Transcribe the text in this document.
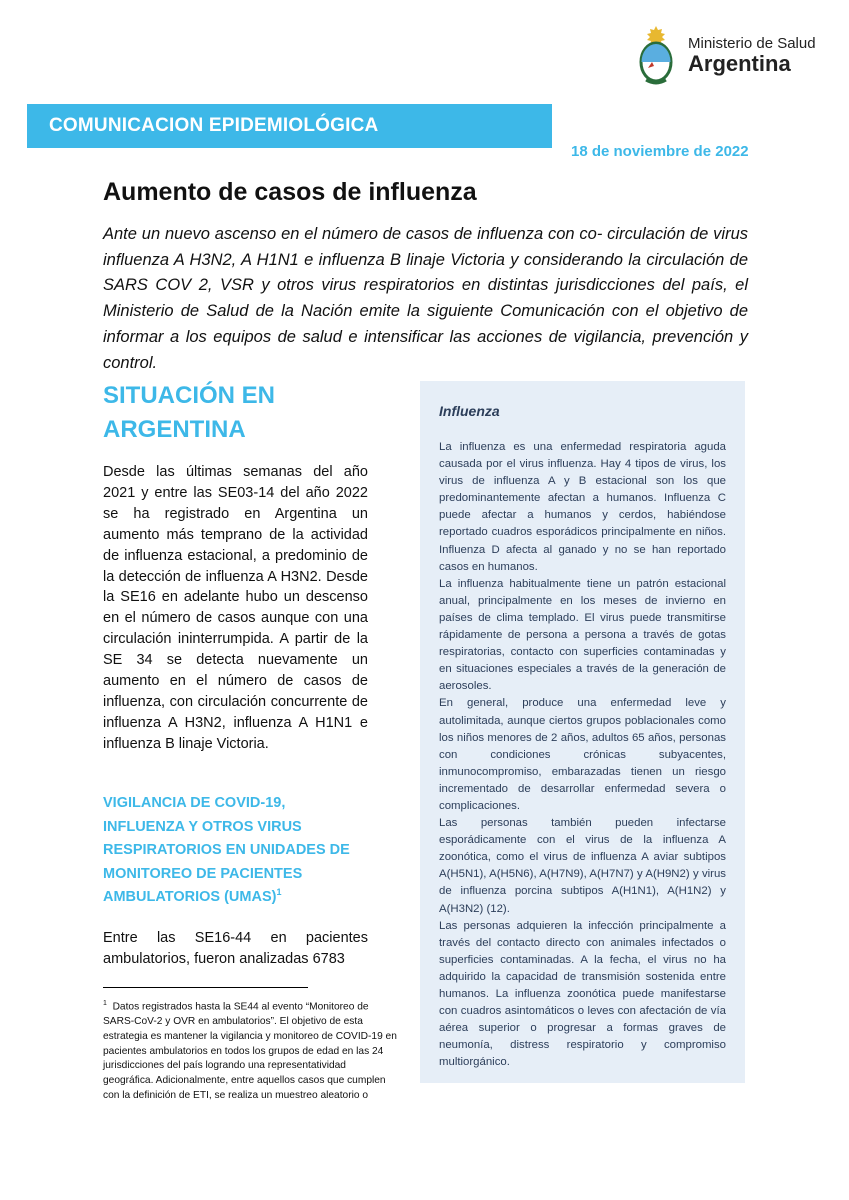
Ministerio de Salud
Argentina
COMUNICACION EPIDEMIOLÓGICA
18 de noviembre de 2022
Aumento de casos de influenza

Ante un nuevo ascenso en el número de casos de influenza con co- circulación de virus influenza A H3N2, A H1N1 e influenza B linaje Victoria y considerando la circulación de SARS COV 2, VSR y otros virus respiratorios en distintas jurisdicciones del país, el Ministerio de Salud de la Nación emite la siguiente Comunicación con el objetivo de informar a los equipos de salud e intensificar las acciones de vigilancia, prevención y control.

SITUACIÓN EN ARGENTINA

Desde las últimas semanas del año 2021 y entre las SE03-14 del año 2022 se ha registrado en Argentina un aumento más temprano de la actividad de influenza estacional, a predominio de la detección de influenza A H3N2. Desde la SE16 en adelante hubo un descenso en el número de casos aunque con una circulación ininterrumpida. A partir de la SE 34 se detecta nuevamente un aumento en el número de casos de influenza, con circulación concurrente de influenza A H3N2, influenza A H1N1 e influenza B linaje Victoria.

VIGILANCIA DE COVID-19, INFLUENZA Y OTROS VIRUS RESPIRATORIOS EN UNIDADES DE MONITOREO DE PACIENTES AMBULATORIOS (UMAS)$^1$

Entre las SE16-44 en pacientes ambulatorios, fueron analizadas 6783

$^1$ Datos registrados hasta la SE44 al evento “Monitoreo de SARS-CoV-2 y OVR en ambulatorios”. El objetivo de esta estrategia es mantener la vigilancia y monitoreo de COVID-19 en pacientes ambulatorios en todos los grupos de edad en las 24 jurisdicciones del país logrando una representatividad geográfica. Adicionalmente, entre aquellos casos que cumplen con la definición de ETI, se realiza un muestreo aleatorio o

Influenza

La influenza es una enfermedad respiratoria aguda causada por el virus influenza. Hay 4 tipos de virus, los virus de influenza A y B estacional son los que predominantemente afectan a humanos. Influenza C puede afectar a humanos y cerdos, habiéndose reportado cuadros esporádicos principalmente en niños. Influenza D afecta al ganado y no se han reportado casos en humanos.

La influenza habitualmente tiene un patrón estacional anual, principalmente en los meses de invierno en países de clima templado. El virus puede transmitirse rápidamente de persona a persona a través de gotas respiratorias, contacto con superficies contaminadas y en situaciones especiales a través de la generación de aerosoles.

En general, produce una enfermedad leve y autolimitada, aunque ciertos grupos poblacionales como los niños menores de 2 años, adultos 65 años, personas con condiciones crónicas subyacentes, inmunocompromiso, embarazadas tienen un riesgo incrementado de desarrollar enfermedad severa o complicaciones.

Las personas también pueden infectarse esporádicamente con el virus de la influenza A zoonótica, como el virus de influenza A aviar subtipos A(H5N1), A(H5N6), A(H7N9), A(H7N7) y A(H9N2) y virus de influenza porcina subtipos A(H1N1), A(H1N2) y A(H3N2) (12).

Las personas adquieren la infección principalmente a través del contacto directo con animales infectados o superficies contaminadas. A la fecha, el virus no ha adquirido la capacidad de transmisión sostenida entre humanos. La influenza zoonótica puede manifestarse con cuadros asintomáticos o leves con afectación de vía aérea superior o progresar a formas graves de neumonía, distress respiratorio y compromiso multiorgánico.
